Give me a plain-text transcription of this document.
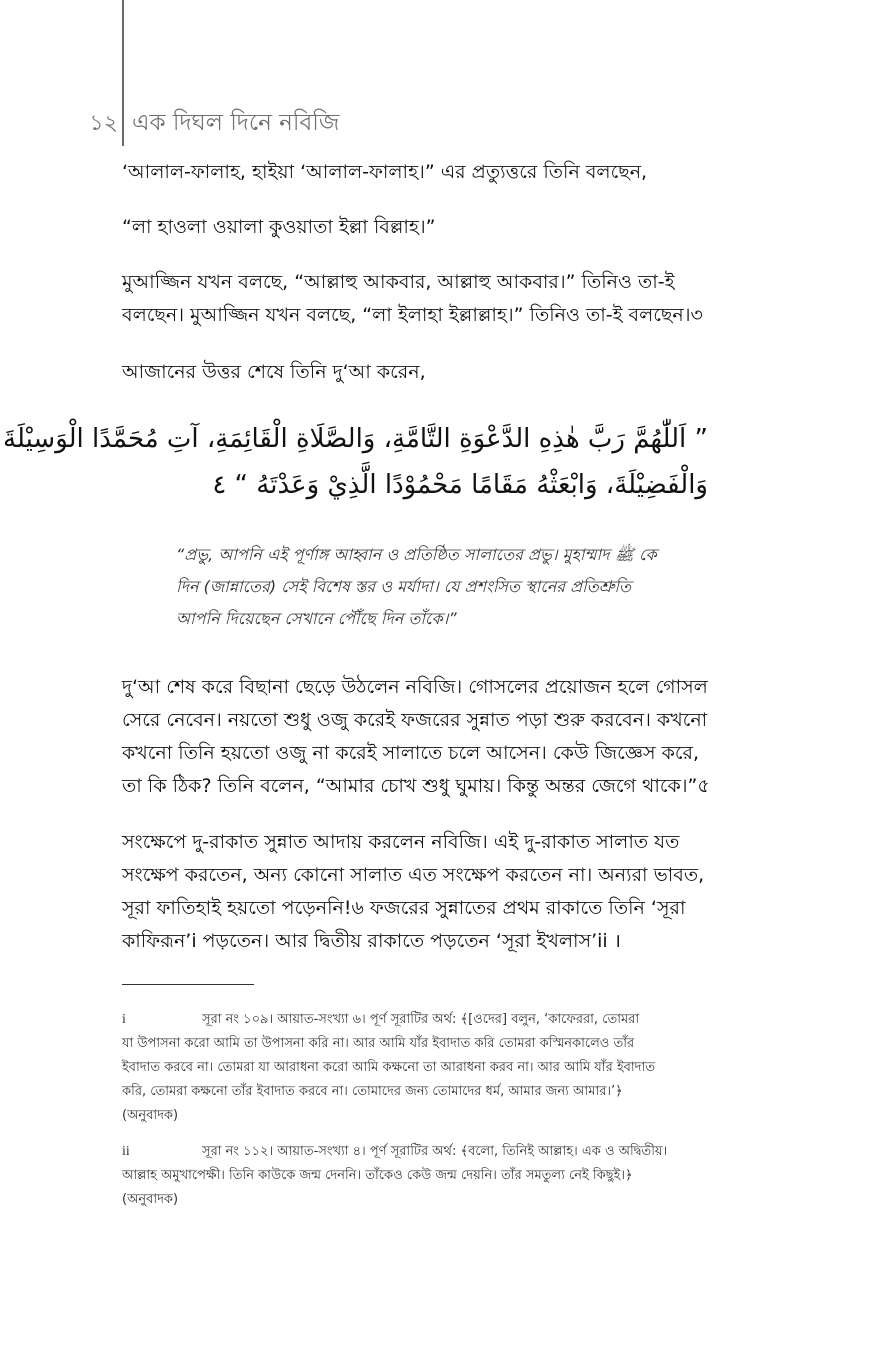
১২ এক দিঘল দিনে নবিজি
‘আলাল-ফালাহ, হাইয়া ‘আলাল-ফালাহ।” এর প্রত্যুত্তরে তিনি বলছেন,
“লা হাওলা ওয়ালা কুওয়াতা ইল্লা বিল্লাহ।”
মুআজ্জিন যখন বলছে, “আল্লাহু আকবার, আল্লাহু আকবার।” তিনিও তা-ই
বলছেন। মুআজ্জিন যখন বলছে, “লা ইলাহা ইল্লাল্লাহ।” তিনিও তা-ই বলছেন।৩
আজানের উত্তর শেষে তিনি দু‘আ করেন,
” اَللّٰهُمَّ رَبَّ هٰذِهِ الدَّعْوَةِ التَّامَّةِ، وَالصَّلَاةِ الْقَائِمَةِ، آتِ مُحَمَّدًا الْوَسِيْلَةَ
وَالْفَضِيْلَةَ، وَابْعَثْهُ مَقَامًا مَحْمُوْدًا الَّذِيْ وَعَدْتَهُ “ ٤
“প্রভু, আপনি এই পূর্ণাঙ্গ আহ্বান ও প্রতিষ্ঠিত সালাতের প্রভু। মুহাম্মাদ ﷺ কে
দিন (জান্নাতের) সেই বিশেষ স্তর ও মর্যাদা। যে প্রশংসিত স্থানের প্রতিশ্রুতি
আপনি দিয়েছেন সেখানে পৌঁছে দিন তাঁকে।”
দু‘আ শেষ করে বিছানা ছেড়ে উঠলেন নবিজি। গোসলের প্রয়োজন হলে গোসল
সেরে নেবেন। নয়তো শুধু ওজু করেই ফজরের সুন্নাত পড়া শুরু করবেন। কখনো
কখনো তিনি হয়তো ওজু না করেই সালাতে চলে আসেন। কেউ জিজ্ঞেস করে,
তা কি ঠিক? তিনি বলেন, “আমার চোখ শুধু ঘুমায়। কিন্তু অন্তর জেগে থাকে।”৫
সংক্ষেপে দু-রাকাত সুন্নাত আদায় করলেন নবিজি। এই দু-রাকাত সালাত যত
সংক্ষেপ করতেন, অন্য কোনো সালাত এত সংক্ষেপ করতেন না। অন্যরা ভাবত,
সূরা ফাতিহাই হয়তো পড়েননি!৬ ফজরের সুন্নাতের প্রথম রাকাতে তিনি ‘সূরা
কাফিরূন’i পড়তেন। আর দ্বিতীয় রাকাতে পড়তেন ‘সূরা ইখলাস’ii ।
i	সূরা নং ১০৯। আয়াত-সংখ্যা ৬। পূর্ণ সূরাটির অর্থ: ﴾[ওদের] বলুন, ‘কাফেররা, তোমরা
যা উপাসনা করো আমি তা উপাসনা করি না। আর আমি যাঁর ইবাদাত করি তোমরা কস্মিনকালেও তাঁর
ইবাদাত করবে না। তোমরা যা আরাধনা করো আমি কক্ষনো তা আরাধনা করব না। আর আমি যাঁর ইবাদাত
করি, তোমরা কক্ষনো তাঁর ইবাদাত করবে না। তোমাদের জন্য তোমাদের ধর্ম, আমার জন্য আমার।’﴿
(অনুবাদক)
ii	সূরা নং ১১২। আয়াত-সংখ্যা ৪। পূর্ণ সূরাটির অর্থ: ﴾বলো, তিনিই আল্লাহ। এক ও অদ্বিতীয়।
আল্লাহ অমুখাপেক্ষী। তিনি কাউকে জন্ম দেননি। তাঁকেও কেউ জন্ম দেয়নি। তাঁর সমতুল্য নেই কিছুই।﴿
(অনুবাদক)
